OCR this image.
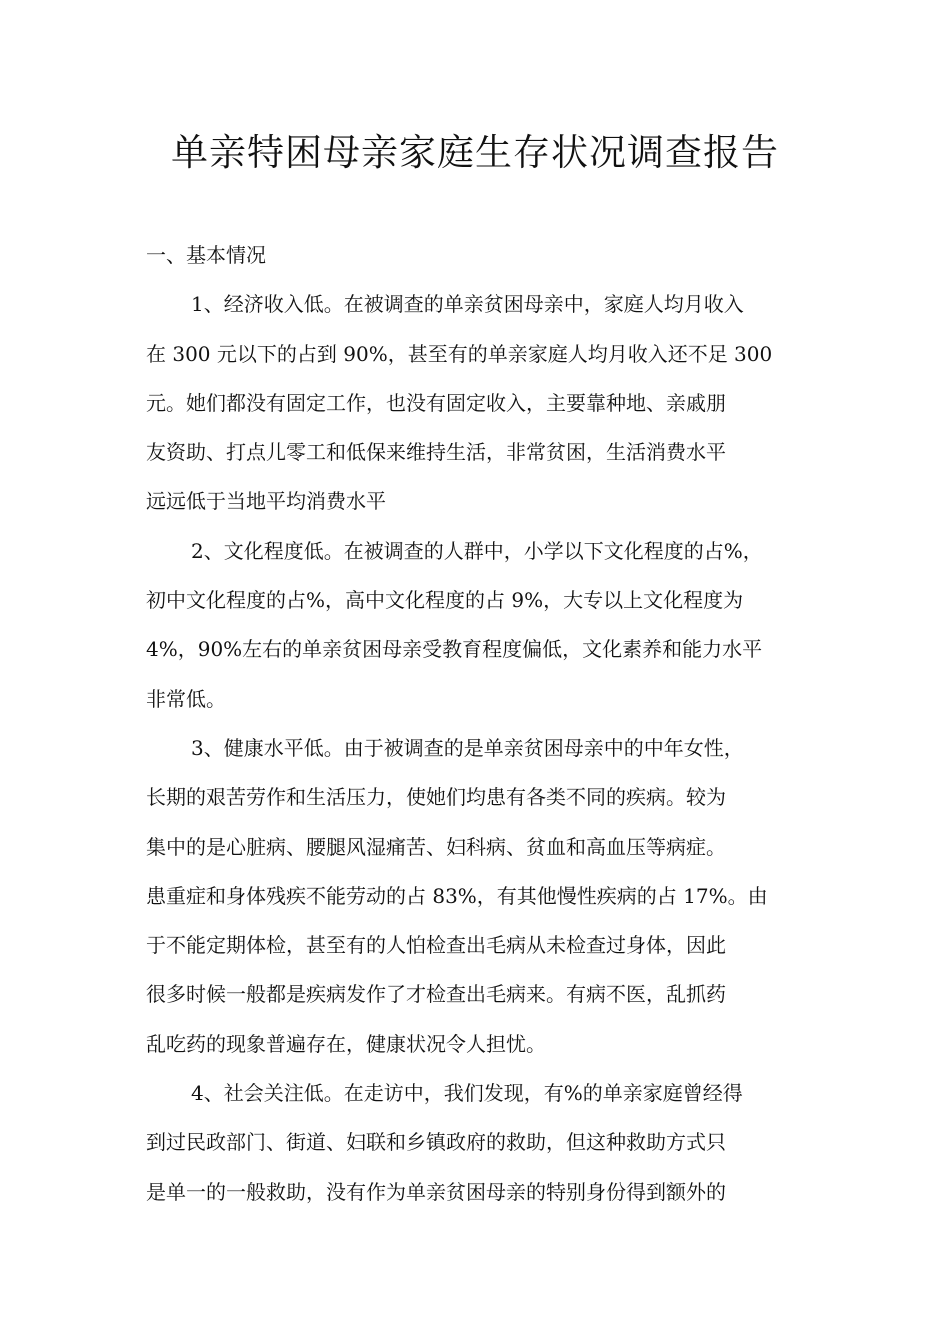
单亲特困母亲家庭生存状况调查报告
一、基本情况
1、经济收入低。在被调查的单亲贫困母亲中，家庭人均月收入
在 300 元以下的占到 90%，甚至有的单亲家庭人均月收入还不足 300
元。她们都没有固定工作，也没有固定收入，主要靠种地、亲戚朋
友资助、打点儿零工和低保来维持生活，非常贫困，生活消费水平
远远低于当地平均消费水平
2、文化程度低。在被调查的人群中，小学以下文化程度的占%，
初中文化程度的占%，高中文化程度的占 9%，大专以上文化程度为
4%，90%左右的单亲贫困母亲受教育程度偏低，文化素养和能力水平
非常低。
3、健康水平低。由于被调查的是单亲贫困母亲中的中年女性，
长期的艰苦劳作和生活压力，使她们均患有各类不同的疾病。较为
集中的是心脏病、腰腿风湿痛苦、妇科病、贫血和高血压等病症。
患重症和身体残疾不能劳动的占 83%，有其他慢性疾病的占 17%。由
于不能定期体检，甚至有的人怕检查出毛病从未检查过身体，因此
很多时候一般都是疾病发作了才检查出毛病来。有病不医，乱抓药
乱吃药的现象普遍存在，健康状况令人担忧。
4、社会关注低。在走访中，我们发现，有%的单亲家庭曾经得
到过民政部门、街道、妇联和乡镇政府的救助，但这种救助方式只
是单一的一般救助，没有作为单亲贫困母亲的特别身份得到额外的
